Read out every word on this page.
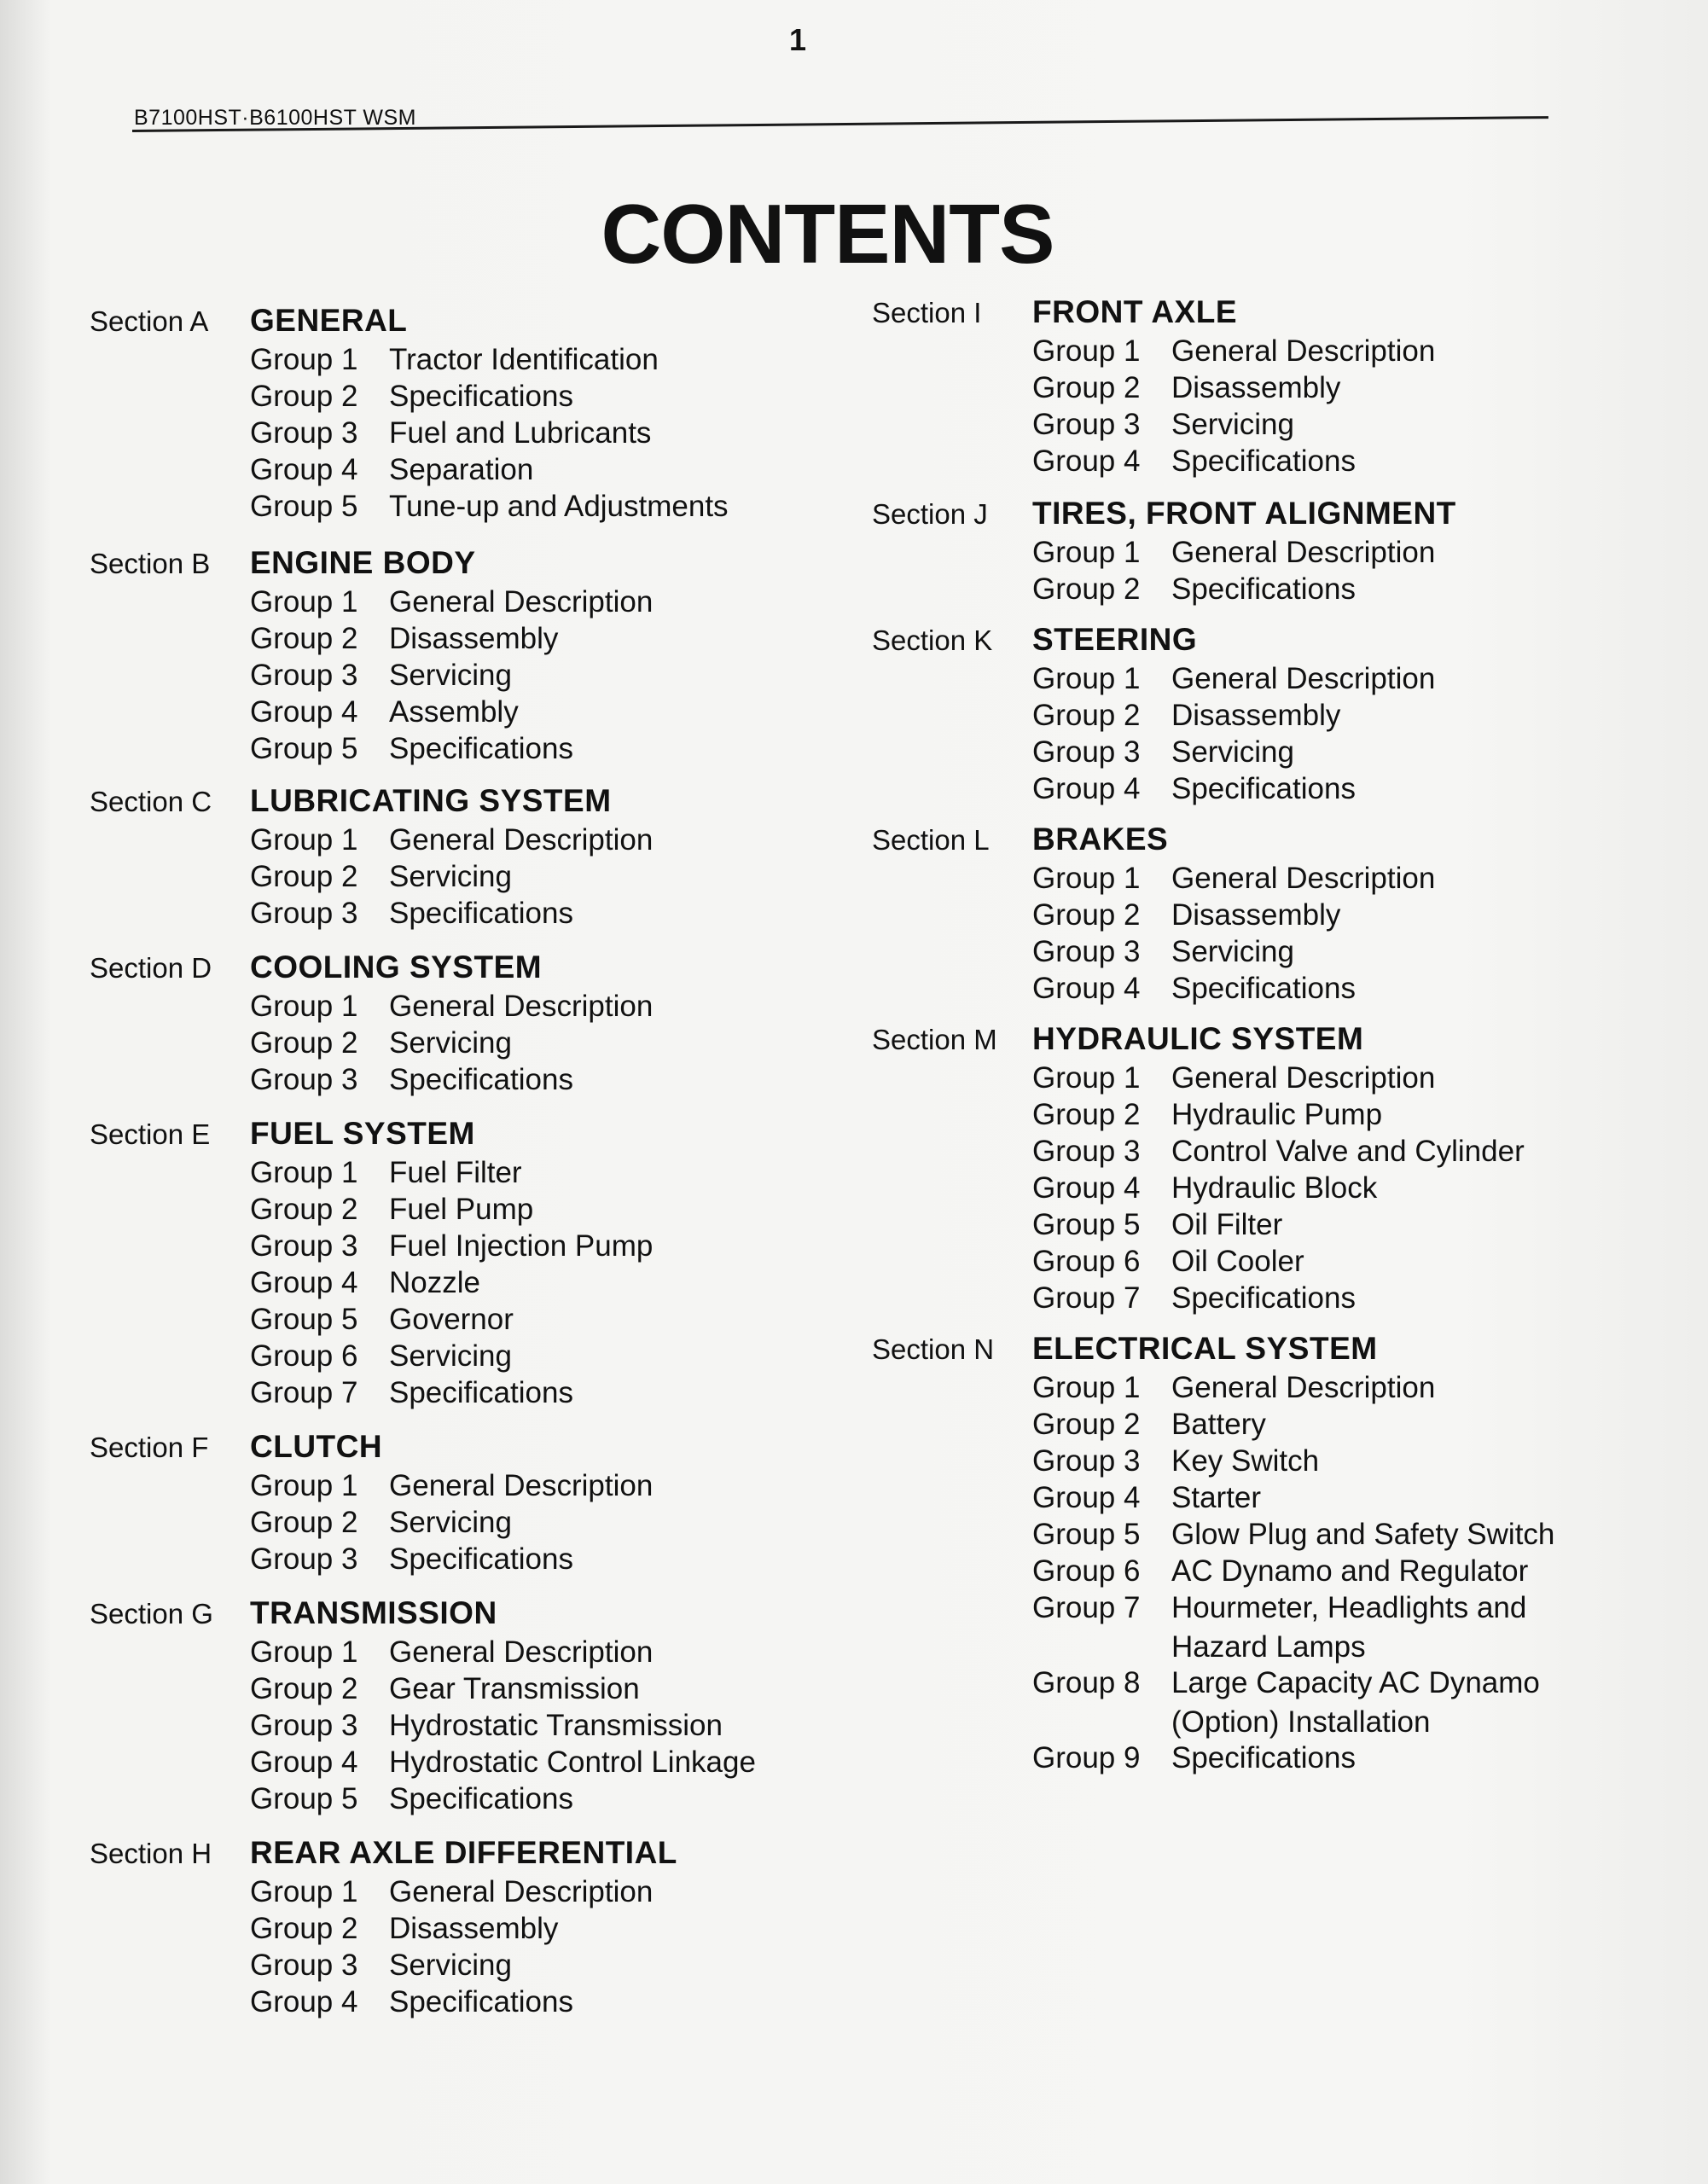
1
B7100HST·B6100HST WSM
CONTENTS
Section A	GENERAL
Group 1	Tractor Identification
Group 2	Specifications
Group 3	Fuel and Lubricants
Group 4	Separation
Group 5	Tune-up and Adjustments
Section B	ENGINE BODY
Group 1	General Description
Group 2	Disassembly
Group 3	Servicing
Group 4	Assembly
Group 5	Specifications
Section C	LUBRICATING SYSTEM
Group 1	General Description
Group 2	Servicing
Group 3	Specifications
Section D	COOLING SYSTEM
Group 1	General Description
Group 2	Servicing
Group 3	Specifications
Section E	FUEL SYSTEM
Group 1	Fuel Filter
Group 2	Fuel Pump
Group 3	Fuel Injection Pump
Group 4	Nozzle
Group 5	Governor
Group 6	Servicing
Group 7	Specifications
Section F	CLUTCH
Group 1	General Description
Group 2	Servicing
Group 3	Specifications
Section G	TRANSMISSION
Group 1	General Description
Group 2	Gear Transmission
Group 3	Hydrostatic Transmission
Group 4	Hydrostatic Control Linkage
Group 5	Specifications
Section H	REAR AXLE DIFFERENTIAL
Group 1	General Description
Group 2	Disassembly
Group 3	Servicing
Group 4	Specifications
Section I	FRONT AXLE
Group 1	General Description
Group 2	Disassembly
Group 3	Servicing
Group 4	Specifications
Section J	TIRES, FRONT ALIGNMENT
Group 1	General Description
Group 2	Specifications
Section K	STEERING
Group 1	General Description
Group 2	Disassembly
Group 3	Servicing
Group 4	Specifications
Section L	BRAKES
Group 1	General Description
Group 2	Disassembly
Group 3	Servicing
Group 4	Specifications
Section M	HYDRAULIC SYSTEM
Group 1	General Description
Group 2	Hydraulic Pump
Group 3	Control Valve and Cylinder
Group 4	Hydraulic Block
Group 5	Oil Filter
Group 6	Oil Cooler
Group 7	Specifications
Section N	ELECTRICAL SYSTEM
Group 1	General Description
Group 2	Battery
Group 3	Key Switch
Group 4	Starter
Group 5	Glow Plug and Safety Switch
Group 6	AC Dynamo and Regulator
Group 7	Hourmeter, Headlights and
Hazard Lamps
Group 8	Large Capacity AC Dynamo
(Option) Installation
Group 9	Specifications
